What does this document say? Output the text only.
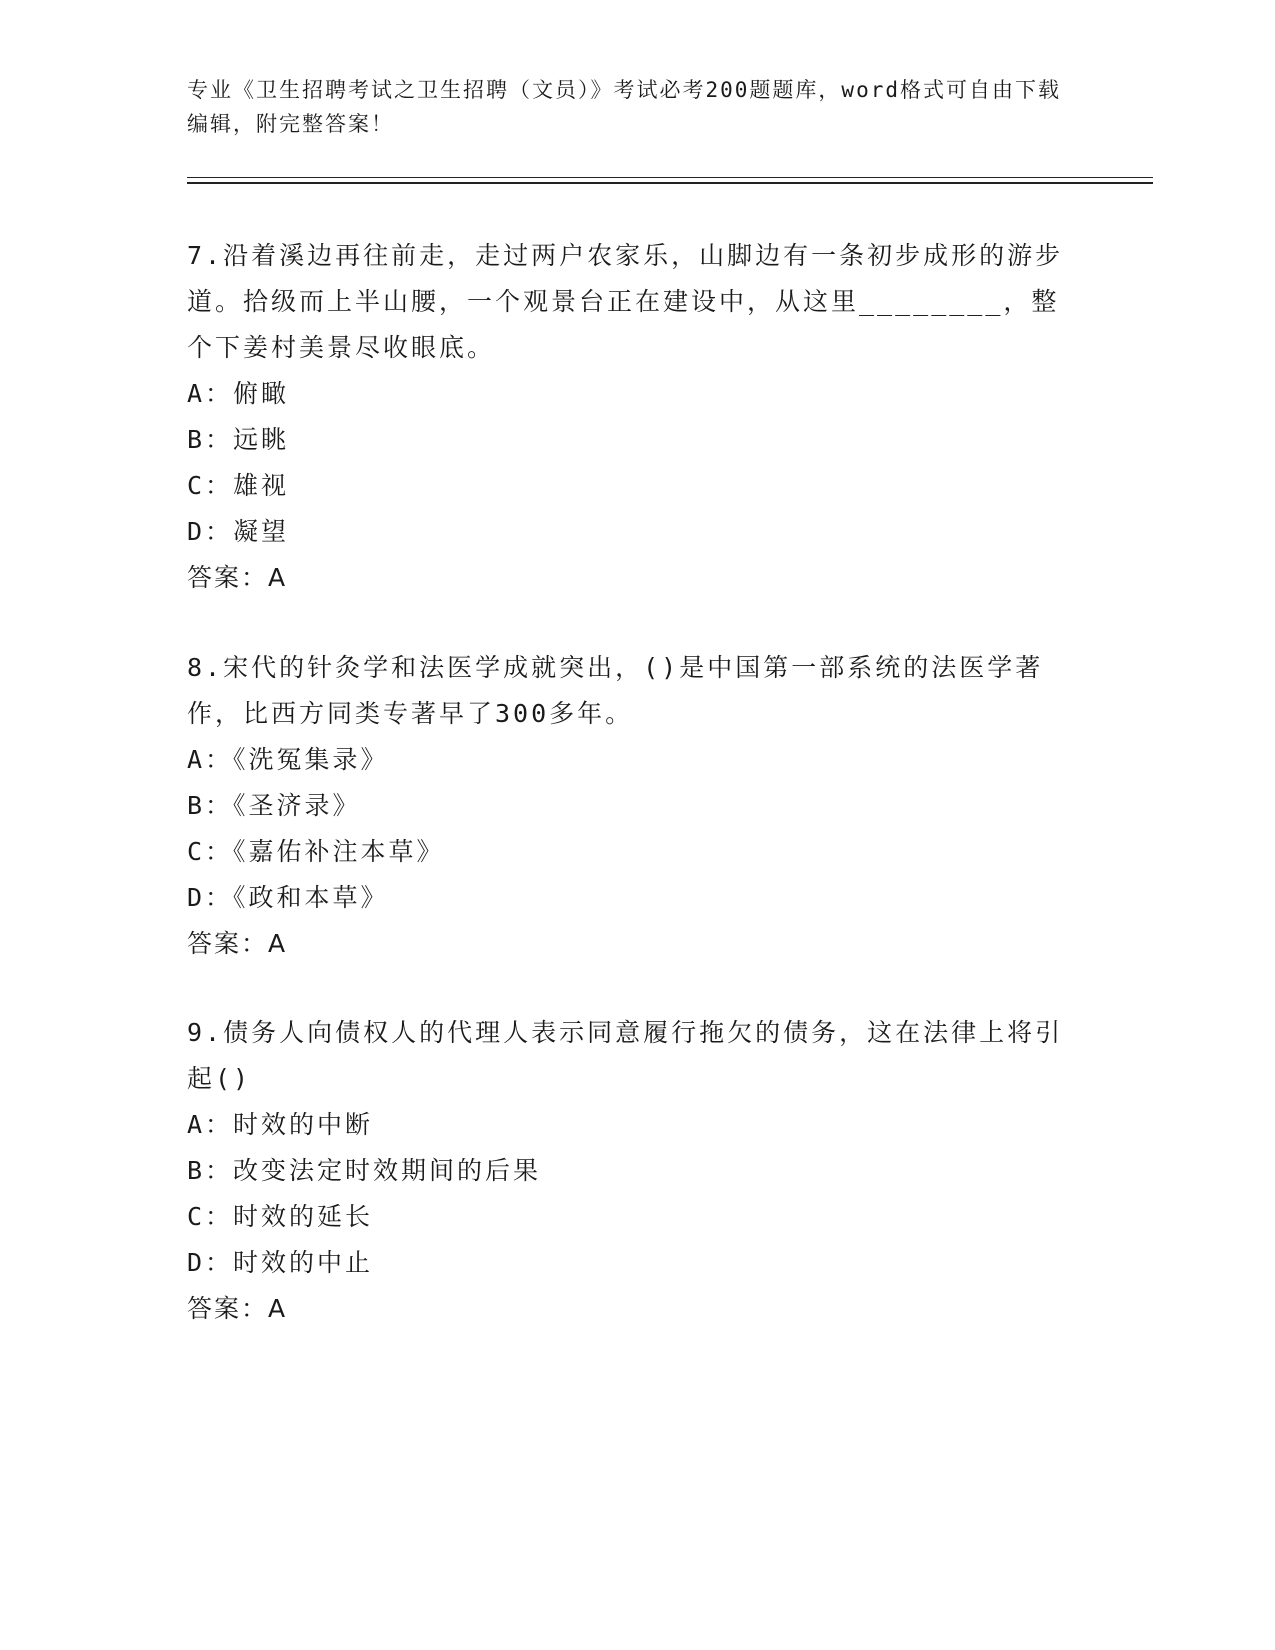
专业《卫生招聘考试之卫生招聘（文员）》考试必考200题题库，word格式可自由下载编辑，附完整答案！
7.沿着溪边再往前走，走过两户农家乐，山脚边有一条初步成形的游步道。拾级而上半山腰，一个观景台正在建设中，从这里________，整个下姜村美景尽收眼底。
A：俯瞰
B：远眺
C：雄视
D：凝望
答案：A
8.宋代的针灸学和法医学成就突出，()是中国第一部系统的法医学著作，比西方同类专著早了300多年。
A：《洗冤集录》
B：《圣济录》
C：《嘉佑补注本草》
D：《政和本草》
答案：A
9.债务人向债权人的代理人表示同意履行拖欠的债务，这在法律上将引起()
A：时效的中断
B：改变法定时效期间的后果
C：时效的延长
D：时效的中止
答案：A
